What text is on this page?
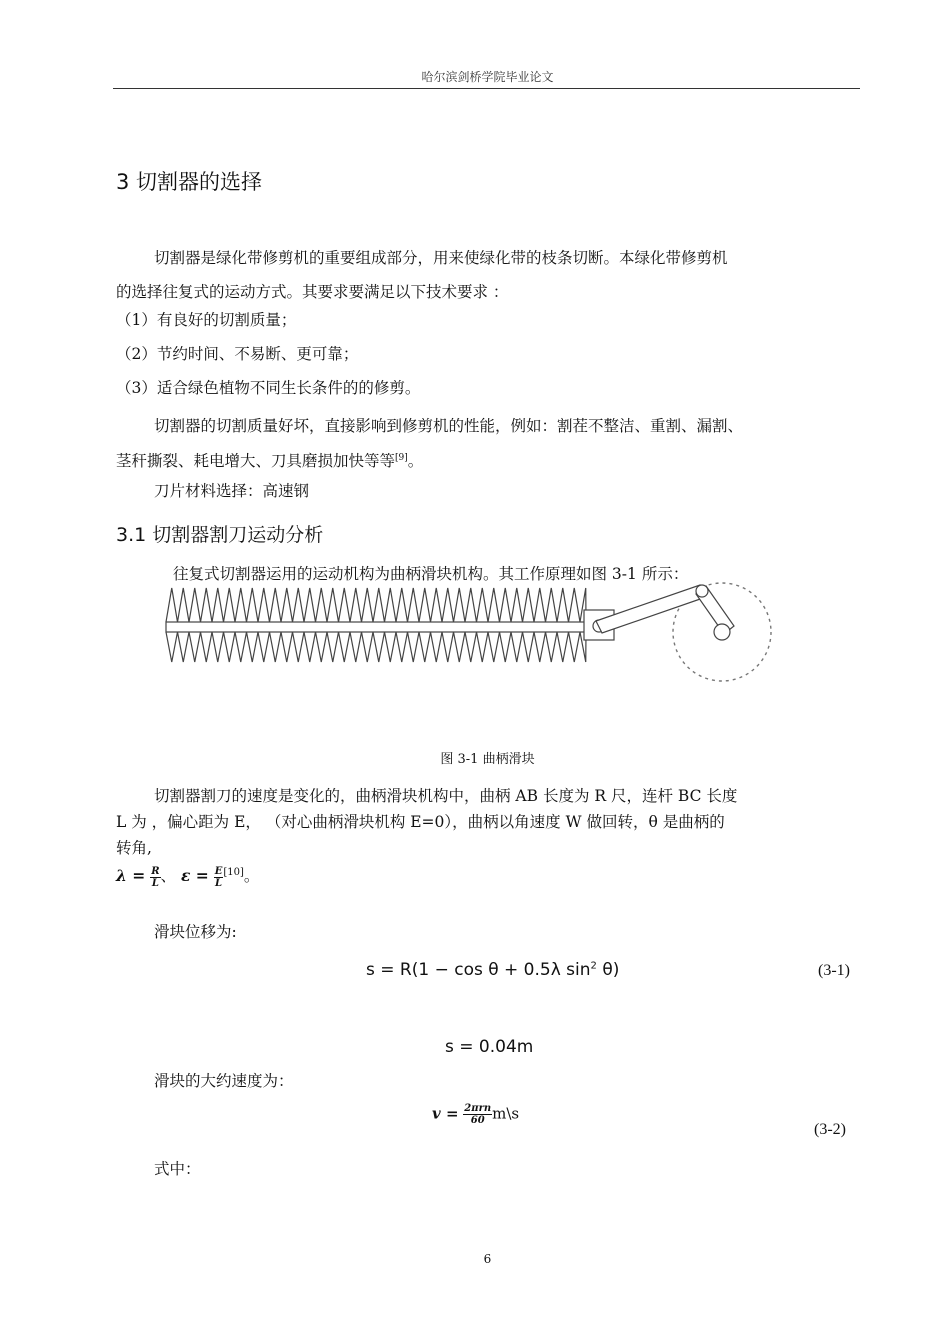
哈尔滨剑桥学院毕业论文
3 切割器的选择
切割器是绿化带修剪机的重要组成部分，用来使绿化带的枝条切断。本绿化带修剪机
的选择往复式的运动方式。其要求要满足以下技术要求 ：
（1）有良好的切割质量；
（2）节约时间、不易断、更可靠；
（3）适合绿色植物不同生长条件的的修剪。
切割器的切割质量好坏，直接影响到修剪机的性能，例如：割茬不整洁、重割、漏割、
茎秆撕裂、耗电增大、刀具磨损加快等等[9]。
刀片材料选择：高速钢
3.1 切割器割刀运动分析
往复式切割器运用的运动机构为曲柄滑块机构。其工作原理如图 3-1 所示：
图 3-1 曲柄滑块
切割器割刀的速度是变化的，曲柄滑块机构中，曲柄 AB 长度为 R 尺，连杆 BC 长度
L 为 ，偏心距为 E， （对心曲柄滑块机构 E=0），曲柄以角速度 W 做回转，θ 是曲柄的
转角,
$\lambda = \frac{R}{L}$ 、 $\varepsilon = \frac{E}{L} [10]$。
滑块位移为:
s = R(1 − cos θ + 0.5λ $\sin^2 \theta$)	(3-1)
s = 0.04m
滑块的大约速度为：
$v = \frac{\text{2πrn}}{60}$ m\s
(3-2)
式中：
6
